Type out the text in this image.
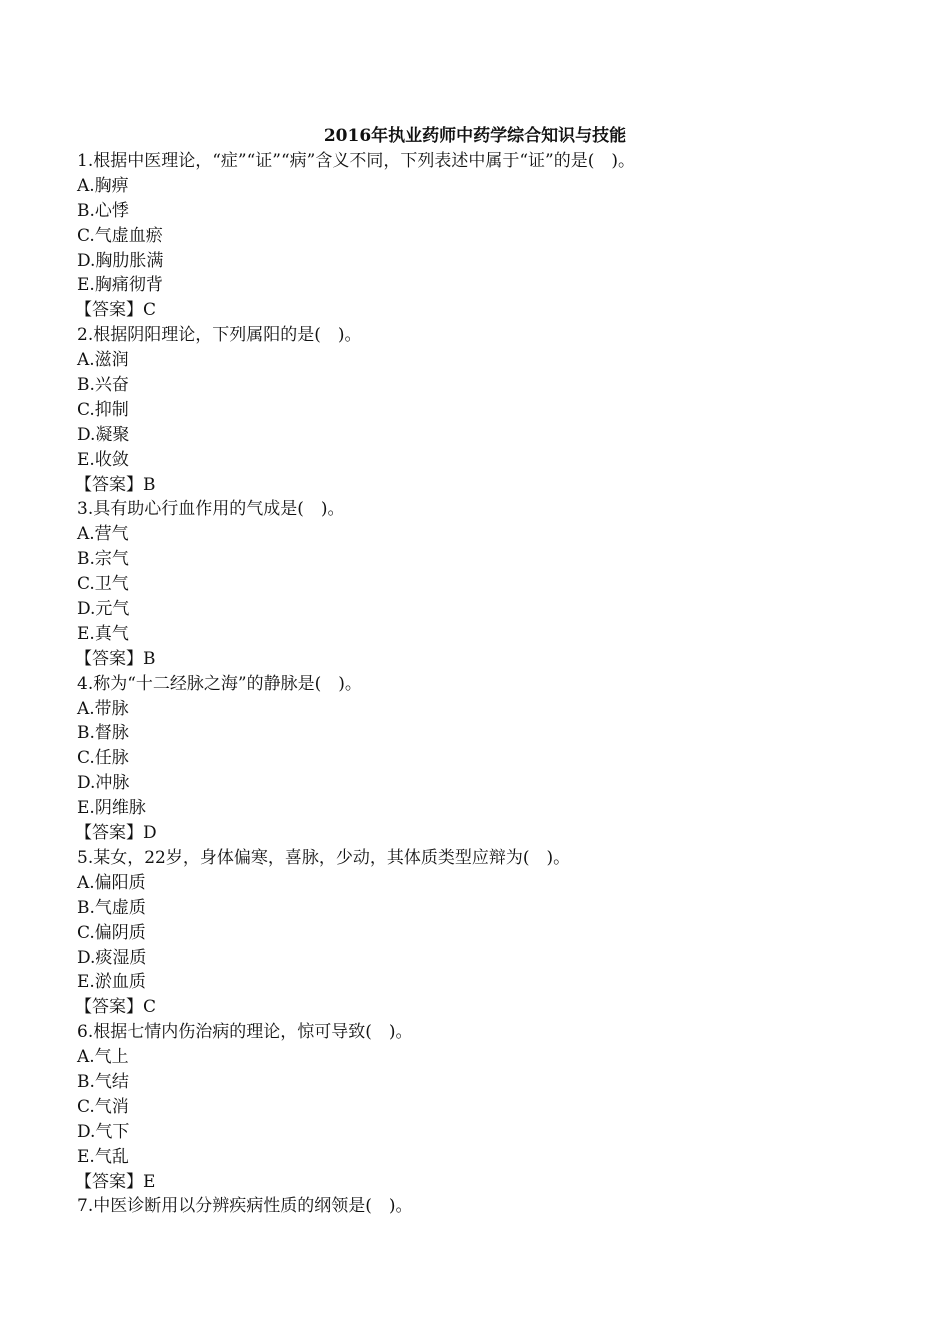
2016年执业药师中药学综合知识与技能
1.根据中医理论，“症”“证”“病”含义不同，下列表述中属于“证”的是(　)。
A.胸痹
B.心悸
C.气虚血瘀
D.胸肋胀满
E.胸痛彻背
【答案】C
2.根据阴阳理论，下列属阳的是(　)。
A.滋润
B.兴奋
C.抑制
D.凝聚
E.收敛
【答案】B
3.具有助心行血作用的气成是(　)。
A.营气
B.宗气
C.卫气
D.元气
E.真气
【答案】B
4.称为“十二经脉之海”的静脉是(　)。
A.带脉
B.督脉
C.任脉
D.冲脉
E.阴维脉
【答案】D
5.某女，22岁，身体偏寒，喜脉，少动，其体质类型应辩为(　)。
A.偏阳质
B.气虚质
C.偏阴质
D.痰湿质
E.淤血质
【答案】C
6.根据七情内伤治病的理论，惊可导致(　)。
A.气上
B.气结
C.气消
D.气下
E.气乱
【答案】E
7.中医诊断用以分辨疾病性质的纲领是(　)。
